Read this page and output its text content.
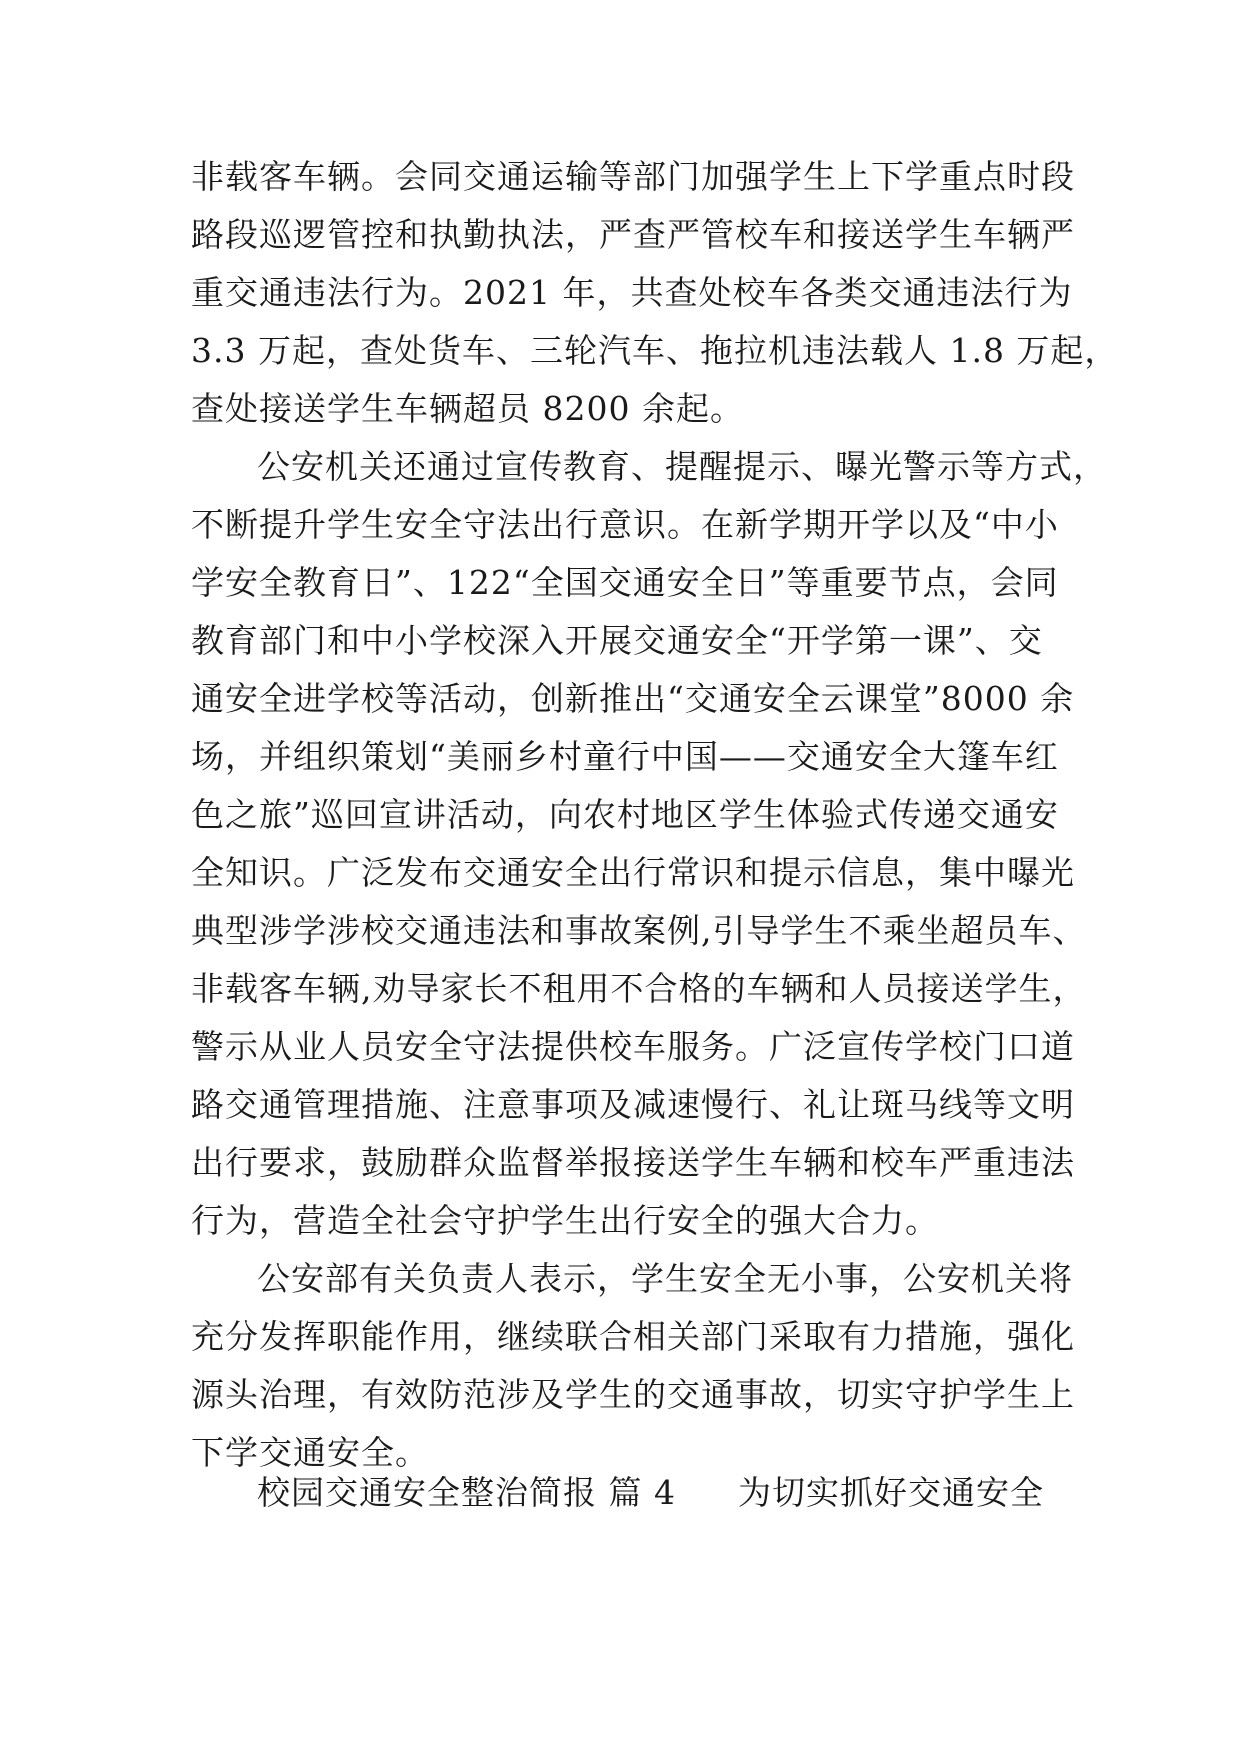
非载客车辆。会同交通运输等部门加强学生上下学重点时段
路段巡逻管控和执勤执法，严查严管校车和接送学生车辆严
重交通违法行为。2021 年，共查处校车各类交通违法行为
3.3 万起，查处货车、三轮汽车、拖拉机违法载人 1.8 万起，
查处接送学生车辆超员 8200 余起。
公安机关还通过宣传教育、提醒提示、曝光警示等方式，
不断提升学生安全守法出行意识。在新学期开学以及“中小
学安全教育日”、122“全国交通安全日”等重要节点，会同
教育部门和中小学校深入开展交通安全“开学第一课”、交
通安全进学校等活动，创新推出“交通安全云课堂”8000 余
场，并组织策划“美丽乡村童行中国——交通安全大篷车红
色之旅”巡回宣讲活动，向农村地区学生体验式传递交通安
全知识。广泛发布交通安全出行常识和提示信息，集中曝光
典型涉学涉校交通违法和事故案例,引导学生不乘坐超员车、
非载客车辆,劝导家长不租用不合格的车辆和人员接送学生，
警示从业人员安全守法提供校车服务。广泛宣传学校门口道
路交通管理措施、注意事项及减速慢行、礼让斑马线等文明
出行要求，鼓励群众监督举报接送学生车辆和校车严重违法
行为，营造全社会守护学生出行安全的强大合力。
公安部有关负责人表示，学生安全无小事，公安机关将
充分发挥职能作用，继续联合相关部门采取有力措施，强化
源头治理，有效防范涉及学生的交通事故，切实守护学生上
下学交通安全。
校园交通安全整治简报 篇 4 为切实抓好交通安全
